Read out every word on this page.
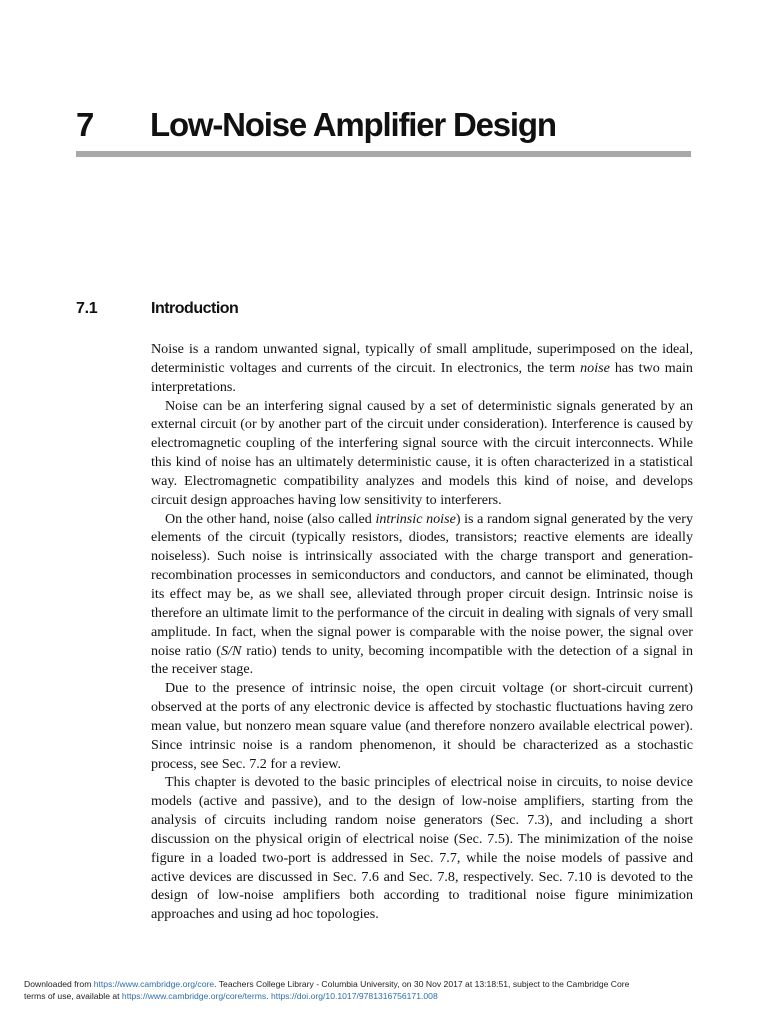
7 Low-Noise Amplifier Design
7.1	Introduction

Noise is a random unwanted signal, typically of small amplitude, superimposed on the ideal, deterministic voltages and currents of the circuit. In electronics, the term noise has two main interpretations.

Noise can be an interfering signal caused by a set of deterministic signals generated by an external circuit (or by another part of the circuit under consideration). Interference is caused by electromagnetic coupling of the interfering signal source with the circuit interconnects. While this kind of noise has an ultimately deterministic cause, it is often characterized in a statistical way. Electromagnetic compatibility analyzes and models this kind of noise, and develops circuit design approaches having low sensitivity to interferers.

On the other hand, noise (also called intrinsic noise) is a random signal generated by the very elements of the circuit (typically resistors, diodes, transistors; reactive elements are ideally noiseless). Such noise is intrinsically associated with the charge transport and generation-recombination processes in semiconductors and conductors, and cannot be eliminated, though its effect may be, as we shall see, alleviated through proper circuit design. Intrinsic noise is therefore an ultimate limit to the performance of the circuit in dealing with signals of very small amplitude. In fact, when the signal power is comparable with the noise power, the signal over noise ratio (S/N ratio) tends to unity, becoming incompatible with the detection of a signal in the receiver stage.

Due to the presence of intrinsic noise, the open circuit voltage (or short-circuit current) observed at the ports of any electronic device is affected by stochastic fluctuations having zero mean value, but nonzero mean square value (and therefore nonzero available electrical power). Since intrinsic noise is a random phenomenon, it should be characterized as a stochastic process, see Sec. 7.2 for a review.

This chapter is devoted to the basic principles of electrical noise in circuits, to noise device models (active and passive), and to the design of low-noise amplifiers, starting from the analysis of circuits including random noise generators (Sec. 7.3), and including a short discussion on the physical origin of electrical noise (Sec. 7.5). The minimization of the noise figure in a loaded two-port is addressed in Sec. 7.7, while the noise models of passive and active devices are discussed in Sec. 7.6 and Sec. 7.8, respectively. Sec. 7.10 is devoted to the design of low-noise amplifiers both according to traditional noise figure minimization approaches and using ad hoc topologies.

Downloaded from https://www.cambridge.org/core. Teachers College Library - Columbia University, on 30 Nov 2017 at 13:18:51, subject to the Cambridge Core
terms of use, available at https://www.cambridge.org/core/terms. https://doi.org/10.1017/9781316756171.008
